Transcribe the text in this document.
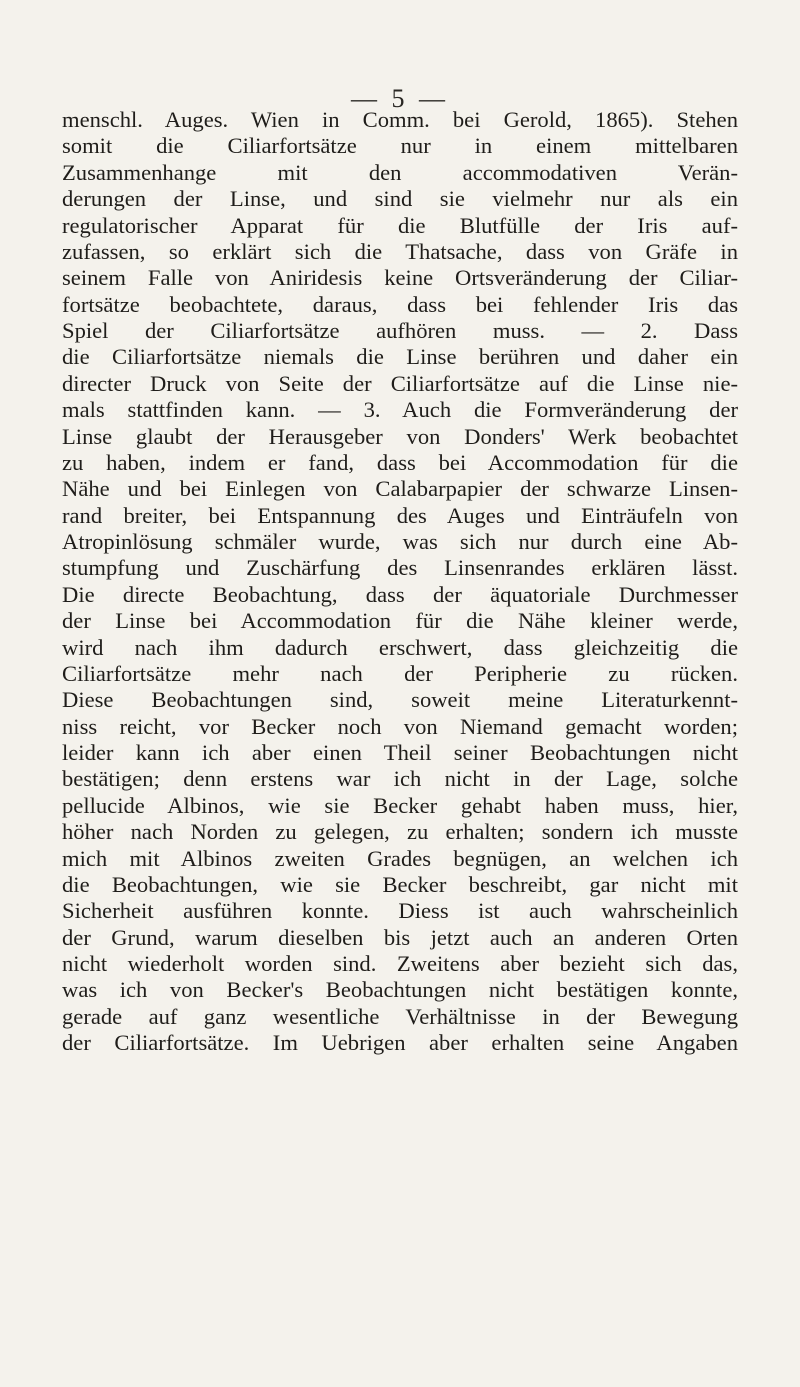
— 5 —
menschl. Auges. Wien in Comm. bei Gerold, 1865). Stehen
somit die Ciliarfortsätze nur in einem mittelbaren
Zusammenhange mit den accommodativen Verän-
derungen der Linse, und sind sie vielmehr nur als ein
regulatorischer Apparat für die Blutfülle der Iris auf-
zufassen, so erklärt sich die Thatsache, dass von Gräfe in
seinem Falle von Aniridesis keine Ortsveränderung der Ciliar-
fortsätze beobachtete, daraus, dass bei fehlender Iris das
Spiel der Ciliarfortsätze aufhören muss. — 2. Dass
die Ciliarfortsätze niemals die Linse berühren und daher ein
directer Druck von Seite der Ciliarfortsätze auf die Linse nie-
mals stattfinden kann. — 3. Auch die Formveränderung der
Linse glaubt der Herausgeber von Donders' Werk beobachtet
zu haben, indem er fand, dass bei Accommodation für die
Nähe und bei Einlegen von Calabarpapier der schwarze Linsen-
rand breiter, bei Entspannung des Auges und Einträufeln von
Atropinlösung schmäler wurde, was sich nur durch eine Ab-
stumpfung und Zuschärfung des Linsenrandes erklären lässt.
Die directe Beobachtung, dass der äquatoriale Durchmesser
der Linse bei Accommodation für die Nähe kleiner werde,
wird nach ihm dadurch erschwert, dass gleichzeitig die
Ciliarfortsätze mehr nach der Peripherie zu rücken.
Diese Beobachtungen sind, soweit meine Literaturkennt-
niss reicht, vor Becker noch von Niemand gemacht worden;
leider kann ich aber einen Theil seiner Beobachtungen nicht
bestätigen; denn erstens war ich nicht in der Lage, solche
pellucide Albinos, wie sie Becker gehabt haben muss, hier,
höher nach Norden zu gelegen, zu erhalten; sondern ich musste
mich mit Albinos zweiten Grades begnügen, an welchen ich
die Beobachtungen, wie sie Becker beschreibt, gar nicht mit
Sicherheit ausführen konnte. Diess ist auch wahrscheinlich
der Grund, warum dieselben bis jetzt auch an anderen Orten
nicht wiederholt worden sind. Zweitens aber bezieht sich das,
was ich von Becker's Beobachtungen nicht bestätigen konnte,
gerade auf ganz wesentliche Verhältnisse in der Bewegung
der Ciliarfortsätze. Im Uebrigen aber erhalten seine Angaben
